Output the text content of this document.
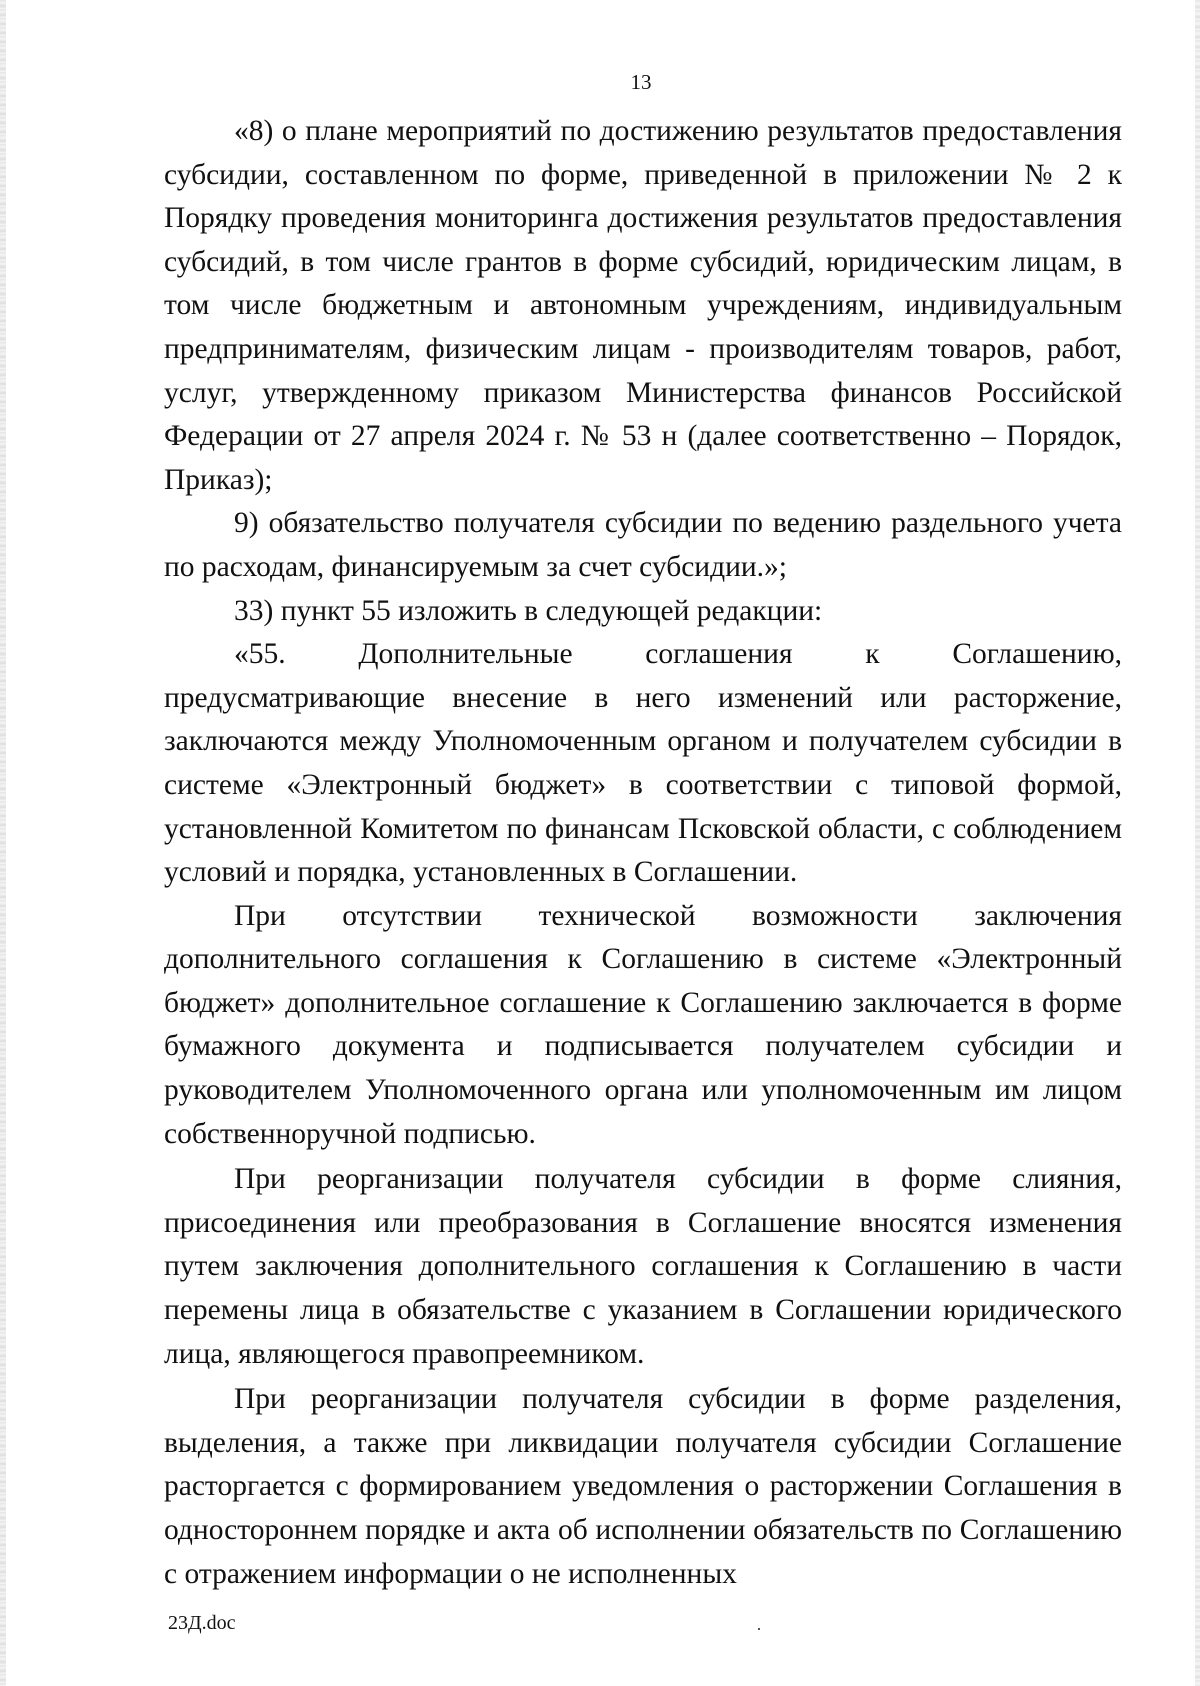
13

«8) о плане мероприятий по достижению результатов предоставления субсидии, составленном по форме, приведенной в приложении № 2 к Порядку проведения мониторинга достижения результатов предоставления субсидий, в том числе грантов в форме субсидий, юридическим лицам, в том числе бюджетным и автономным учреждениям, индивидуальным предпринимателям, физическим лицам - производителям товаров, работ, услуг, утвержденному приказом Министерства финансов Российской Федерации от 27 апреля 2024 г. № 53 н (далее соответственно – Порядок, Приказ);

9) обязательство получателя субсидии по ведению раздельного учета по расходам, финансируемым за счет субсидии.»;

33) пункт 55 изложить в следующей редакции:

«55. Дополнительные соглашения к Соглашению, предусматривающие внесение в него изменений или расторжение, заключаются между Уполномоченным органом и получателем субсидии в системе «Электронный бюджет» в соответствии с типовой формой, установленной Комитетом по финансам Псковской области, с соблюдением условий и порядка, установленных в Соглашении.

При отсутствии технической возможности заключения дополнительного соглашения к Соглашению в системе «Электронный бюджет» дополнительное соглашение к Соглашению заключается в форме бумажного документа и подписывается получателем субсидии и руководителем Уполномоченного органа или уполномоченным им лицом собственноручной подписью.

При реорганизации получателя субсидии в форме слияния, присоединения или преобразования в Соглашение вносятся изменения путем заключения дополнительного соглашения к Соглашению в части перемены лица в обязательстве с указанием в Соглашении юридического лица, являющегося правопреемником.

При реорганизации получателя субсидии в форме разделения, выделения, а также при ликвидации получателя субсидии Соглашение расторгается с формированием уведомления о расторжении Соглашения в одностороннем порядке и акта об исполнении обязательств по Соглашению с отражением информации о не исполненных

23Д.doc
